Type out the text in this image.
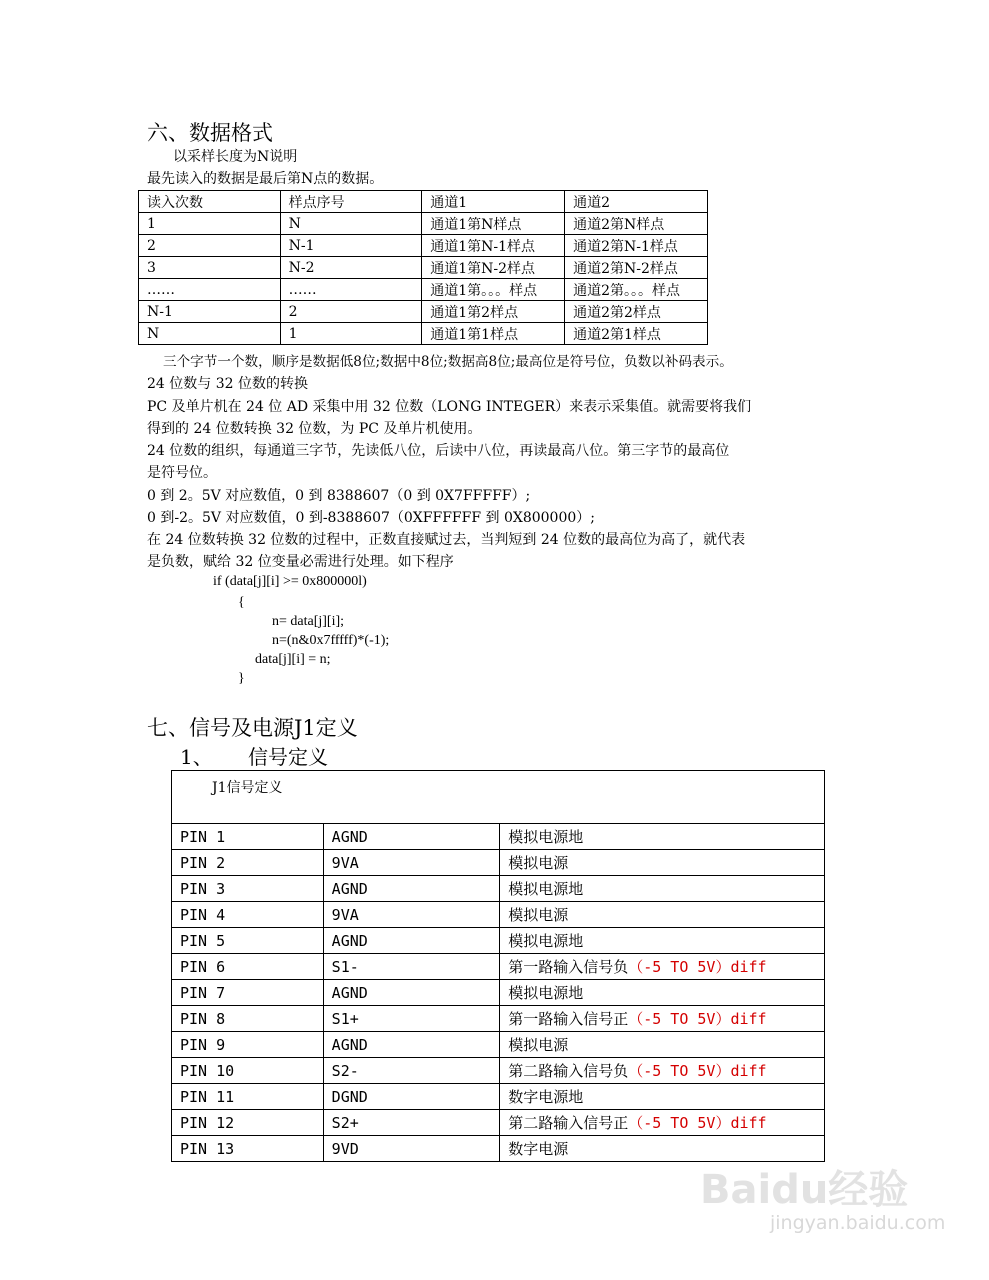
六、数据格式
以采样长度为N说明
最先读入的数据是最后第N点的数据。
读入次数	样点序号	通道1	通道2
1	N	通道1第N样点	通道2第N样点
2	N-1	通道1第N-1样点	通道2第N-1样点
3	N-2	通道1第N-2样点	通道2第N-2样点
……	……	通道1第。。。样点	通道2第。。。样点
N-1	2	通道1第2样点	通道2第2样点
N	1	通道1第1样点	通道2第1样点
三个字节一个数，顺序是数据低8位;数据中8位;数据高8位;最高位是符号位，负数以补码表示。
24 位数与 32 位数的转换
PC 及单片机在 24 位 AD 采集中用 32 位数（LONG INTEGER）来表示采集值。就需要将我们
得到的 24 位数转换 32 位数，为 PC 及单片机使用。
24 位数的组织，每通道三字节，先读低八位，后读中八位，再读最高八位。第三字节的最高位
是符号位。
0 到 2。5V 对应数值，0 到 8388607（0 到 0X7FFFFF）;
0 到-2。5V 对应数值，0 到-8388607（0XFFFFFF 到 0X800000）;
在 24 位数转换 32 位数的过程中，正数直接赋过去，当判短到 24 位数的最高位为高了，就代表
是负数，赋给 32 位变量必需进行处理。如下程序
if (data[j][i] >= 0x800000l)
{
n= data[j][i];
n=(n&0x7fffff)*(-1);
data[j][i] = n;
}
七、信号及电源J1定义
1、 信号定义
J1信号定义		
PIN 1	AGND	模拟电源地
PIN 2	9VA	模拟电源
PIN 3	AGND	模拟电源地
PIN 4	9VA	模拟电源
PIN 5	AGND	模拟电源地
PIN 6	S1-	第一路输入信号负（-5 TO 5V）diff
PIN 7	AGND	模拟电源地
PIN 8	S1+	第一路输入信号正（-5 TO 5V）diff
PIN 9	AGND	模拟电源
PIN 10	S2-	第二路输入信号负（-5 TO 5V）diff
PIN 11	DGND	数字电源地
PIN 12	S2+	第二路输入信号正（-5 TO 5V）diff
PIN 13	9VD	数字电源
Baidu经验
jingyan.baidu.com
